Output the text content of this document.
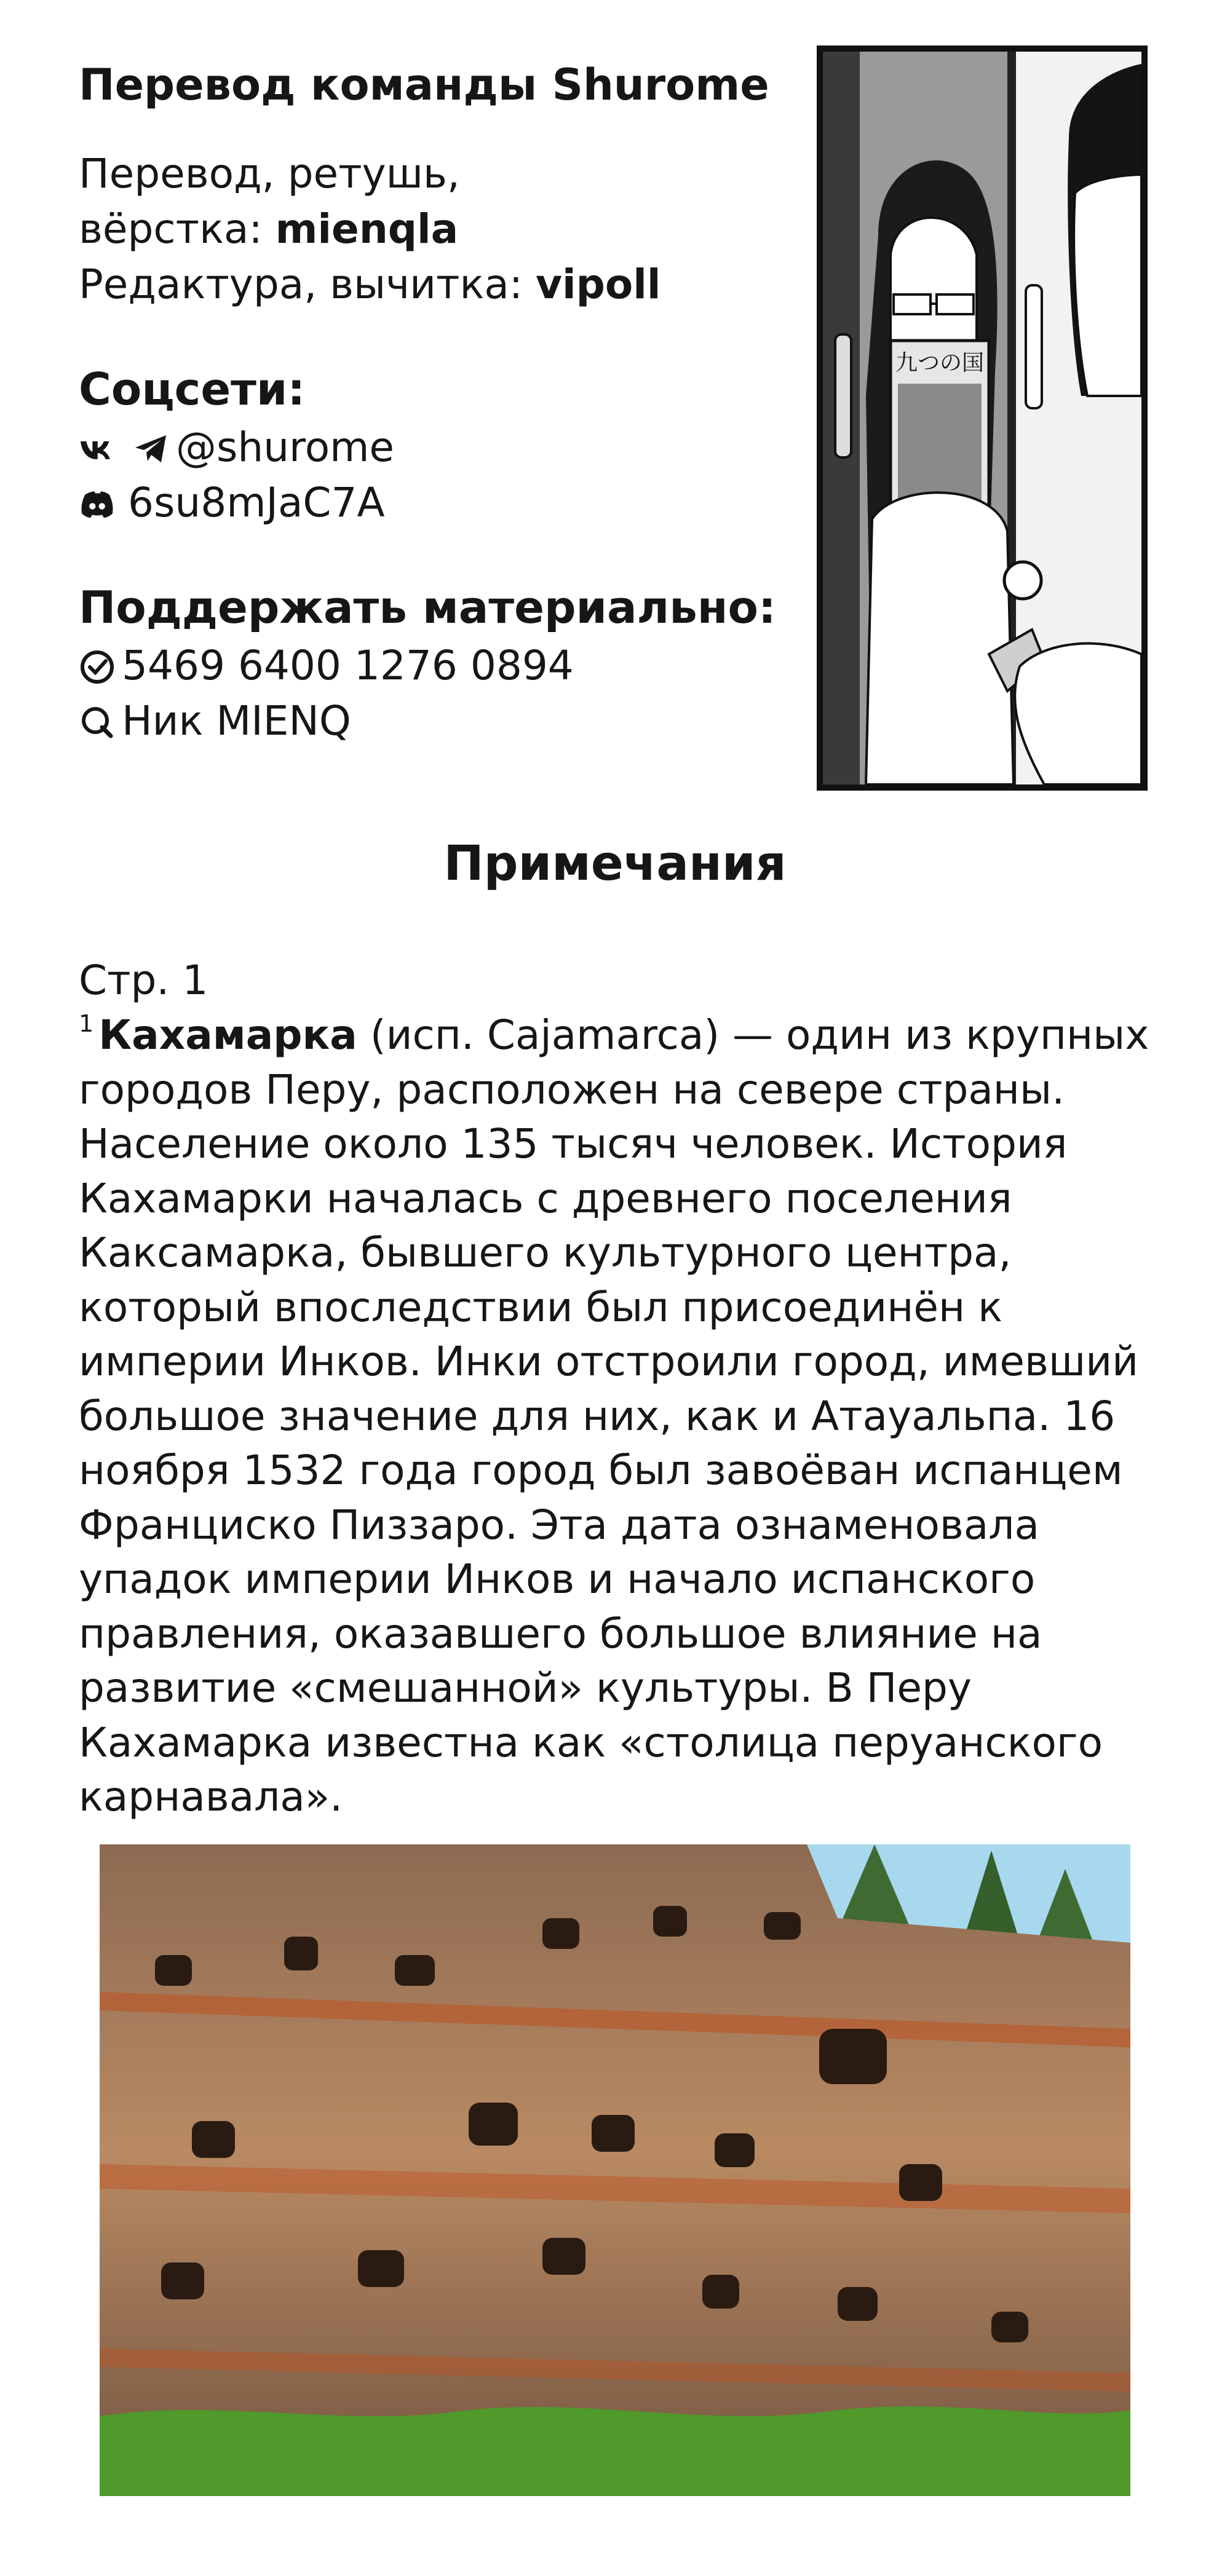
Перевод команды Shurome

Перевод, ретушь,

вёрстка: mienqla

Редактура, вычитка: vipoll

Соцсети:

@shurome

6su8mJaC7A

Поддержать материально:

5469 6400 1276 0894

Ник MIENQ

九つの国

Примечания

Стр. 1

$^1$ Кахамарка (исп. Cajamarca) — один из крупных городов Перу, расположен на севере страны. Население около 135 тысяч человек. История Кахамарки началась с древнего поселения Каксамарка, бывшего культурного центра, который впоследствии был присоединён к империи Инков. Инки отстроили город, имевший большое значение для них, как и Атауальпа. 16 ноября 1532 года город был завоёван испанцем Франциско Пиззаро. Эта дата ознаменовала упадок империи Инков и начало испанского правления, оказавшего большое влияние на развитие «смешанной» культуры. В Перу Кахамарка известна как «столица перуанского карнавала».
